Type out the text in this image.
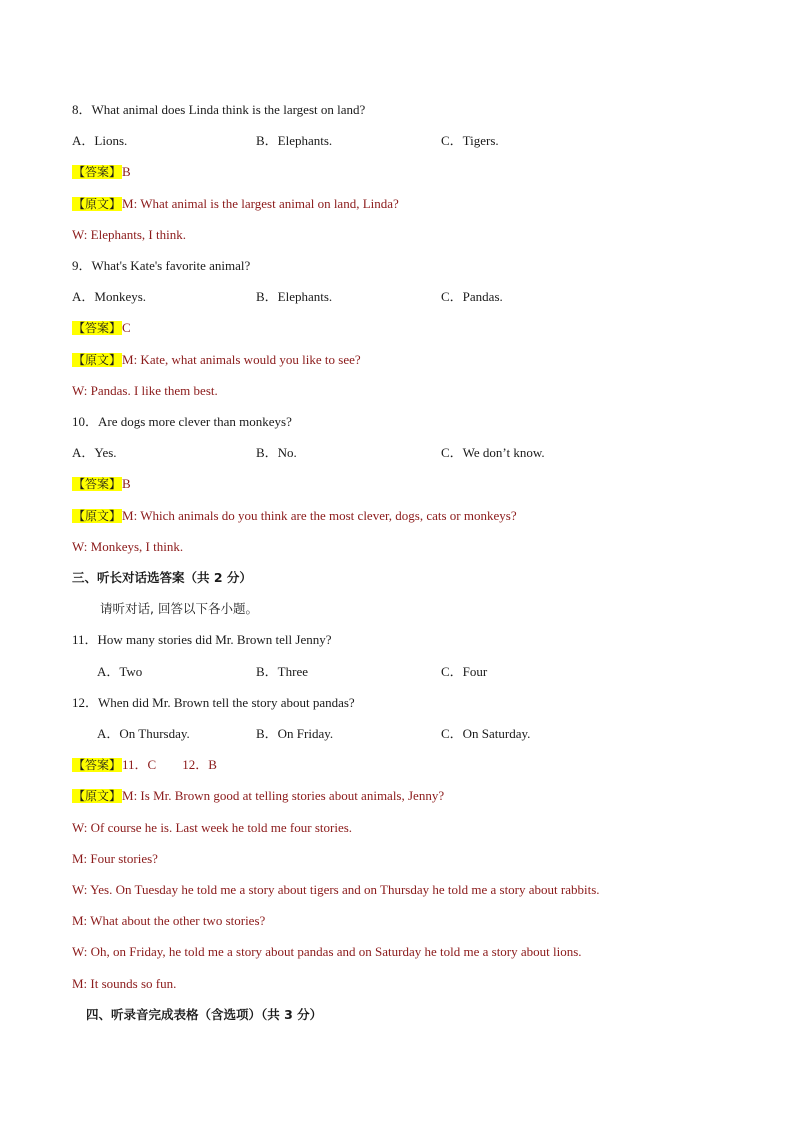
8．What animal does Linda think is the largest on land?
A．Lions.	B．Elephants.	C．Tigers.
【答案】B
【原文】M: What animal is the largest animal on land, Linda?
W: Elephants, I think.
9．What's Kate's favorite animal?
A．Monkeys.	B．Elephants.	C．Pandas.
【答案】C
【原文】M: Kate, what animals would you like to see?
W: Pandas. I like them best.
10．Are dogs more clever than monkeys?
A．Yes.	B．No.	C．We don’t know.
【答案】B
【原文】M: Which animals do you think are the most clever, dogs, cats or monkeys?
W: Monkeys, I think.
三、听长对话选答案（共 2 分）
请听对话, 回答以下各小题。
11．How many stories did Mr. Brown tell Jenny?
A．Two	B．Three	C．Four
12．When did Mr. Brown tell the story about pandas?
A．On Thursday.	B．On Friday.	C．On Saturday.
【答案】11．C        12．B
【原文】M: Is Mr. Brown good at telling stories about animals, Jenny?
W: Of course he is. Last week he told me four stories.
M: Four stories?
W: Yes. On Tuesday he told me a story about tigers and on Thursday he told me a story about rabbits.
M: What about the other two stories?
W: Oh, on Friday, he told me a story about pandas and on Saturday he told me a story about lions.
M: It sounds so fun.
四、听录音完成表格（含选项）（共 3 分）
